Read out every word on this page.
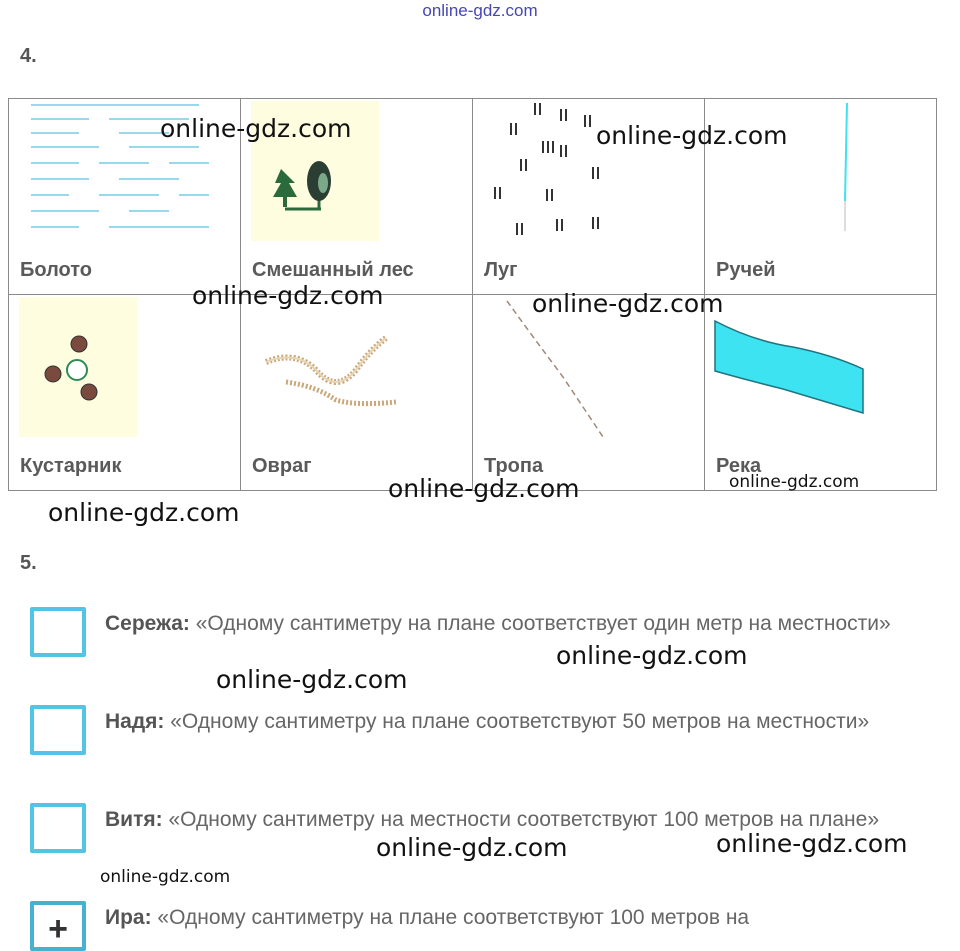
online-gdz.com
4.
Болото	Смешанный лес	Луг	Ручей

Кустарник	Овраг	Тропа	Река
5.
Сережа: «Одному сантиметру на плане соответствует один метр на местности»
Надя: «Одному сантиметру на плане соответствуют 50 метров на местности»
Витя: «Одному сантиметру на местности соответствуют 100 метров на плане»
+	Ира: «Одному сантиметру на плане соответствуют 100 метров на
online-gdz.com	online-gdz.com
online-gdz.com	online-gdz.com
online-gdz.com	online-gdz.com
online-gdz.com
online-gdz.com
online-gdz.com
online-gdz.com
online-gdz.com
online-gdz.com
